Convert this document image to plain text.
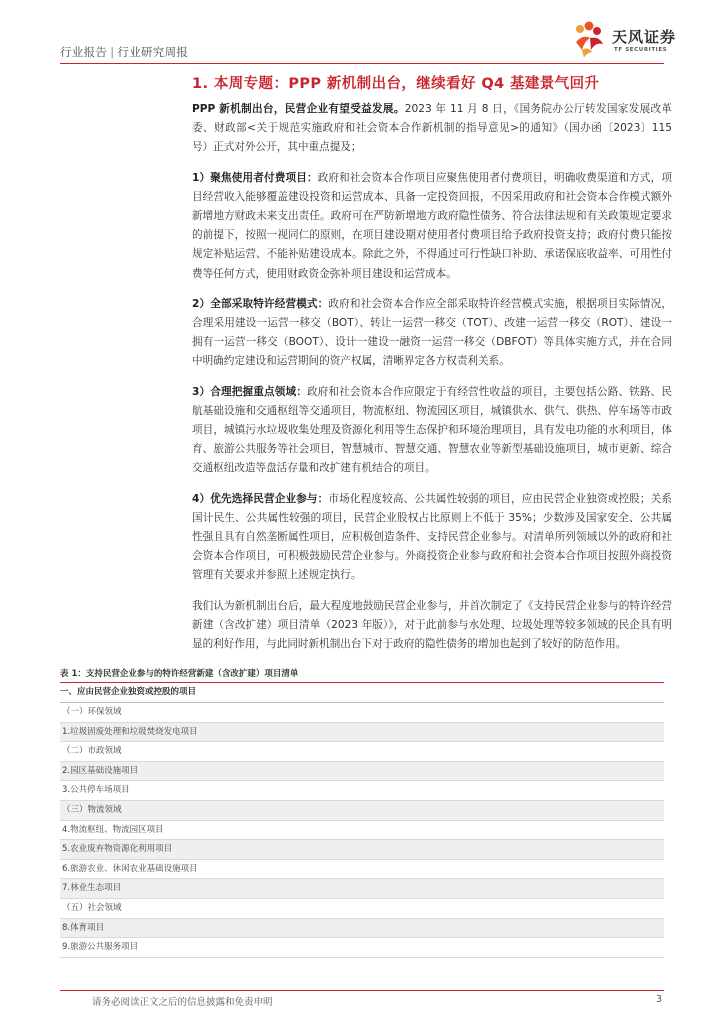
行业报告 | 行业研究周报
天风证券
TF SECURITIES
1. 本周专题：PPP 新机制出台，继续看好 Q4 基建景气回升

PPP 新机制出台，民营企业有望受益发展。2023 年 11 月 8 日，《国务院办公厅转发国家发展改革委、财政部<关于规范实施政府和社会资本合作新机制的指导意见>的通知》（国办函〔2023〕115 号）正式对外公开，其中重点提及；

1）聚焦使用者付费项目：政府和社会资本合作项目应聚焦使用者付费项目，明确收费渠道和方式，项目经营收入能够覆盖建设投资和运营成本、具备一定投资回报，不因采用政府和社会资本合作模式额外新增地方财政未来支出责任。政府可在严防新增地方政府隐性债务、符合法律法规和有关政策规定要求的前提下，按照一视同仁的原则，在项目建设期对使用者付费项目给予政府投资支持；政府付费只能按规定补贴运营、不能补贴建设成本。除此之外，不得通过可行性缺口补助、承诺保底收益率、可用性付费等任何方式，使用财政资金弥补项目建设和运营成本。

2）全部采取特许经营模式：政府和社会资本合作应全部采取特许经营模式实施，根据项目实际情况，合理采用建设一运营一移交（BOT）、转让一运营一移交（TOT）、改建一运营一移交（ROT）、建设一拥有一运营一移交（BOOT）、设计一建设一融资一运营一移交（DBFOT）等具体实施方式，并在合同中明确约定建设和运营期间的资产权属，清晰界定各方权责利关系。

3）合理把握重点领域：政府和社会资本合作应限定于有经营性收益的项目，主要包括公路、铁路、民航基础设施和交通枢纽等交通项目，物流枢纽、物流园区项目，城镇供水、供气、供热、停车场等市政项目，城镇污水垃圾收集处理及资源化利用等生态保护和环境治理项目，具有发电功能的水利项目，体育、旅游公共服务等社会项目，智慧城市、智慧交通、智慧农业等新型基础设施项目，城市更新、综合交通枢纽改造等盘活存量和改扩建有机结合的项目。

4）优先选择民营企业参与：市场化程度较高、公共属性较弱的项目，应由民营企业独资或控股；关系国计民生、公共属性较强的项目，民营企业股权占比原则上不低于 35%；少数涉及国家安全、公共属性强且具有自然垄断属性项目，应积极创造条件、支持民营企业参与。对清单所列领域以外的政府和社会资本合作项目，可积极鼓励民营企业参与。外商投资企业参与政府和社会资本合作项目按照外商投资管理有关要求并参照上述规定执行。

我们认为新机制出台后，最大程度地鼓励民营企业参与，并首次制定了《支持民营企业参与的特许经营新建（含改扩建）项目清单（2023 年版）》，对于此前参与水处理、垃圾处理等较多领域的民企具有明显的利好作用，与此同时新机制出台下对于政府的隐性债务的增加也起到了较好的防范作用。

表 1：支持民营企业参与的特许经营新建（含改扩建）项目清单
一、应由民营企业独资或控股的项目
（一）环保领域
1.垃圾固废处理和垃圾焚烧发电项目
（二）市政领域
2.园区基础设施项目
3.公共停车场项目
（三）物流领域
4.物流枢纽、物流园区项目
5.农业废弃物资源化利用项目
6.旅游农业、休闲农业基础设施项目
7.林业生态项目
（五）社会领域
8.体育项目
9.旅游公共服务项目
请务必阅读正文之后的信息披露和免责申明	3
